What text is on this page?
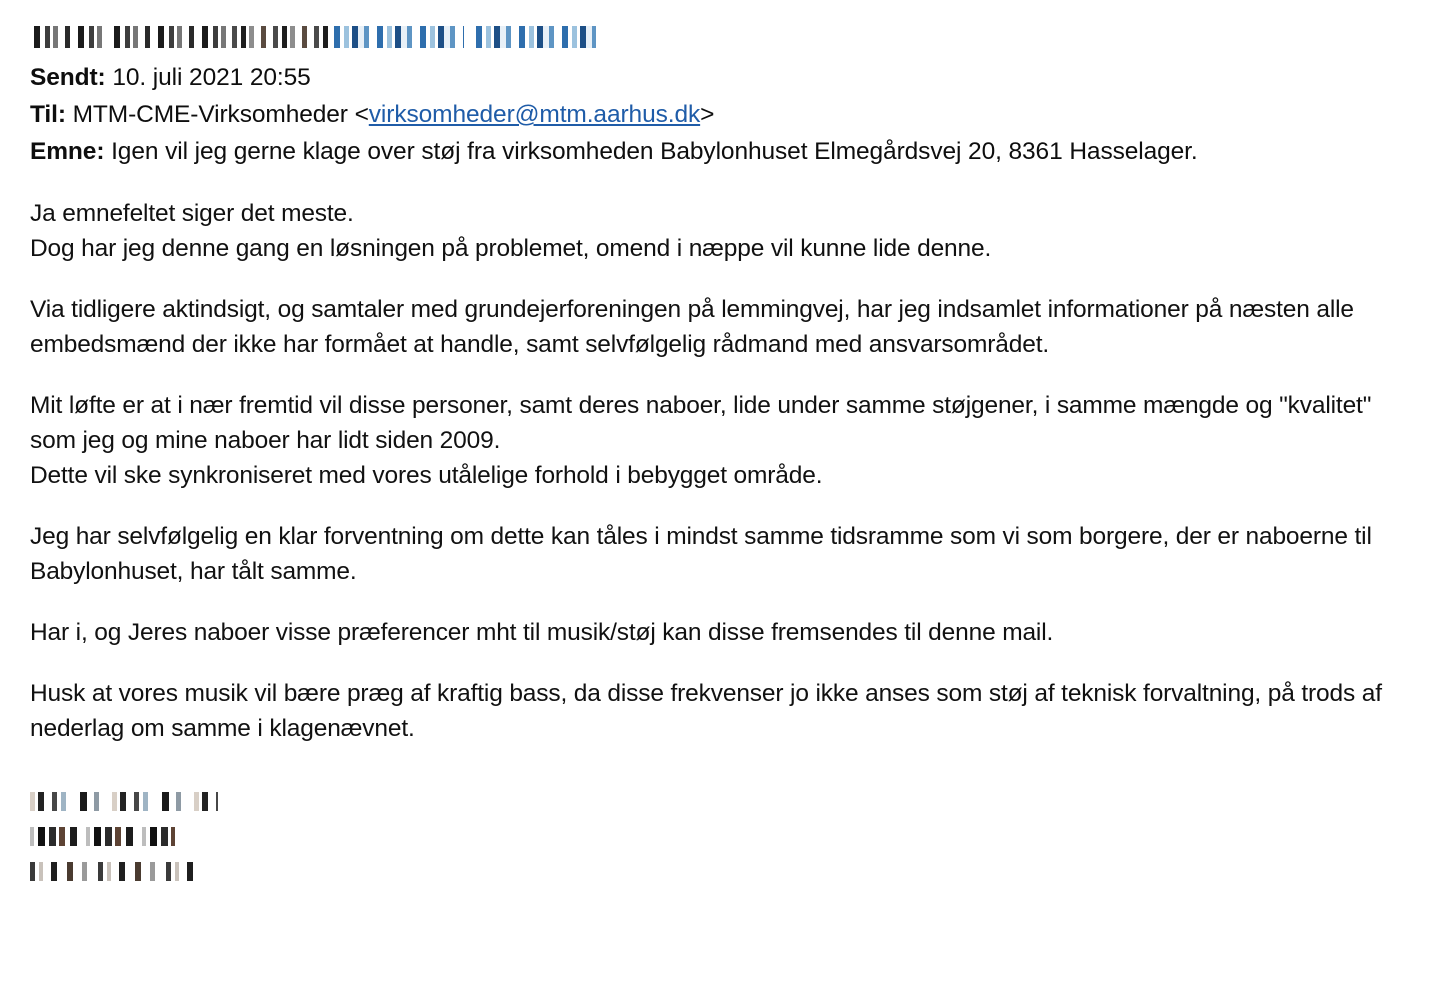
Sendt: 10. juli 2021 20:55
Til: MTM-CME-Virksomheder <virksomheder@mtm.aarhus.dk>
Emne: Igen vil jeg gerne klage over støj fra virksomheden Babylonhuset Elmegårdsvej 20, 8361 Hasselager.

Ja emnefeltet siger det meste.

Dog har jeg denne gang en løsningen på problemet, omend i næppe vil kunne lide denne.

Via tidligere aktindsigt, og samtaler med grundejerforeningen på lemmingvej, har jeg indsamlet informationer på næsten alle embedsmænd der ikke har formået at handle, samt selvfølgelig rådmand med ansvarsområdet.

Mit løfte er at i nær fremtid vil disse personer, samt deres naboer, lide under samme støjgener, i samme mængde og "kvalitet" som jeg og mine naboer har lidt siden 2009.

Dette vil ske synkroniseret med vores utålelige forhold i bebygget område.

Jeg har selvfølgelig en klar forventning om dette kan tåles i mindst samme tidsramme som vi som borgere, der er naboerne til Babylonhuset, har tålt samme.

Har i, og Jeres naboer visse præferencer mht til musik/støj kan disse fremsendes til denne mail.

Husk at vores musik vil bære præg af kraftig bass, da disse frekvenser jo ikke anses som støj af teknisk forvaltning, på trods af nederlag om samme i klagenævnet.
